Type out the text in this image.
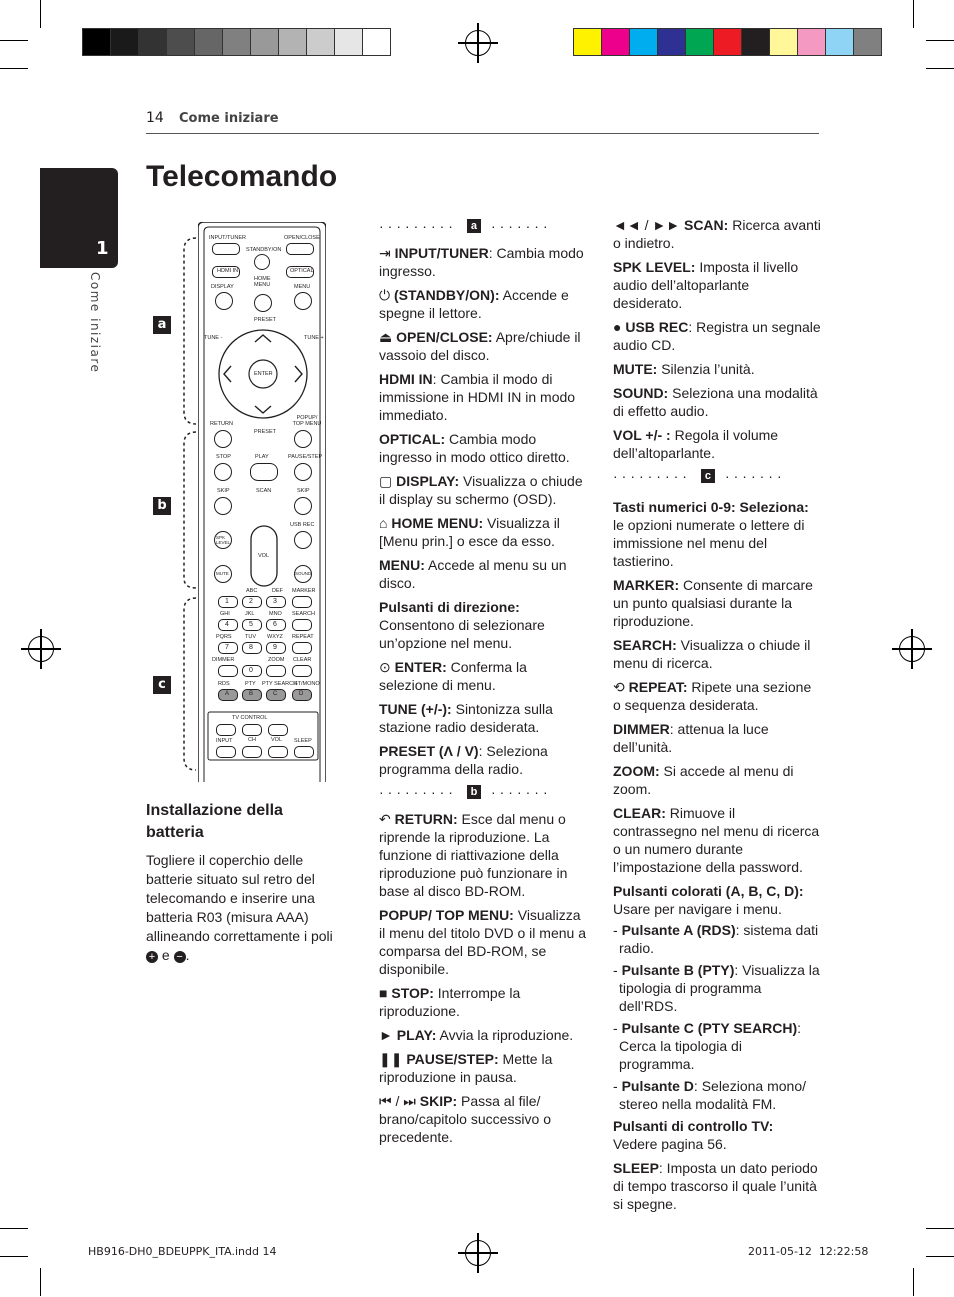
14 Come iniziare
1
Come iniziare
Telecomando
a
b
c
INPUT/TUNER	OPEN/CLOSE
STANDBY/ON
HDMI IN	OPTICAL
DISPLAY
HOME MENU	MENU
PRESET
TUNE -	TUNE +
ENTER
RETURN
PRESET
POPUP/ TOP MENU
STOP	PLAY	PAUSE/STEP
SKIP	SCAN	SKIP
USB REC
SPK LEVEL
VOL
MUTE	SOUND
ABC	DEF MARKER
1	2	3
GHI	JKL	MNO SEARCH
4	5	6
PQRS TUV WXYZ REPEAT
7	8	9
DIMMER	ZOOM CLEAR
0
RDS	PTY PTY SEARCH
ST/MONO
A	B	C	D
TV CONTROL
INPUT	CH	VOL SLEEP
Installazione della batteria
Togliere il coperchio delle batterie situato sul retro del telecomando e inserire una batteria R03 (misura AAA) allineando correttamente i poli + e − .
·········	a ·······

⇥ INPUT/TUNER: Cambia modo ingresso.

⏻ (STANDBY/ON): Accende e spegne il lettore.

⏏ OPEN/CLOSE: Apre/chiude il vassoio del disco.

HDMI IN: Cambia il modo di immissione in HDMI IN in modo immediato.

OPTICAL: Cambia modo ingresso in modo ottico diretto.

▢ DISPLAY: Visualizza o chiude il display su schermo (OSD).

⌂ HOME MENU: Visualizza il [Menu prin.] o esce da esso.

MENU: Accede al menu su un disco.

Pulsanti di direzione: Consentono di selezionare un’opzione nel menu.

⊙ ENTER: Conferma la selezione di menu.

TUNE (+/-): Sintonizza sulla stazione radio desiderata.

PRESET (Λ / V): Seleziona programma della radio.

·········	b ·······

↶ RETURN: Esce dal menu o riprende la riproduzione. La funzione di riattivazione della riproduzione può funzionare in base al disco BD-ROM.

POPUP/ TOP MENU: Visualizza il menu del titolo DVD o il menu a comparsa del BD-ROM, se disponibile.

■ STOP: Interrompe la riproduzione.

► PLAY: Avvia la riproduzione.

❚❚ PAUSE/STEP: Mette la riproduzione in pausa.

⏮ / ⏭ SKIP: Passa al file/ brano/capitolo successivo o precedente.

◄◄ / ►► SCAN: Ricerca avanti o indietro.

SPK LEVEL: Imposta il livello audio dell’altoparlante desiderato.

● USB REC: Registra un segnale audio CD.

MUTE: Silenzia l’unità.

SOUND: Seleziona una modalità di effetto audio.

VOL +/- : Regola il volume dell’altoparlante.

·········	c ·······

Tasti numerici 0-9: Seleziona: le opzioni numerate o lettere di immissione nel menu del tastierino.

MARKER: Consente di marcare un punto qualsiasi durante la riproduzione.

SEARCH: Visualizza o chiude il menu di ricerca.

⟲ REPEAT: Ripete una sezione o sequenza desiderata.

DIMMER: attenua la luce dell’unità.

ZOOM: Si accede al menu di zoom.

CLEAR: Rimuove il contrassegno nel menu di ricerca o un numero durante l’impostazione della password.

Pulsanti colorati (A, B, C, D): Usare per navigare i menu.

- Pulsante A (RDS): sistema dati radio.

- Pulsante B (PTY): Visualizza la tipologia di programma dell’RDS.

- Pulsante C (PTY SEARCH): Cerca la tipologia di programma.

- Pulsante D: Seleziona mono/ stereo nella modalità FM.

Pulsanti di controllo TV: Vedere pagina 56.

SLEEP: Imposta un dato periodo di tempo trascorso il quale l’unità si spegne.

HB916-DH0_BDEUPPK_ITA.indd 14	2011-05-12 ￼￼ 12:22:58
